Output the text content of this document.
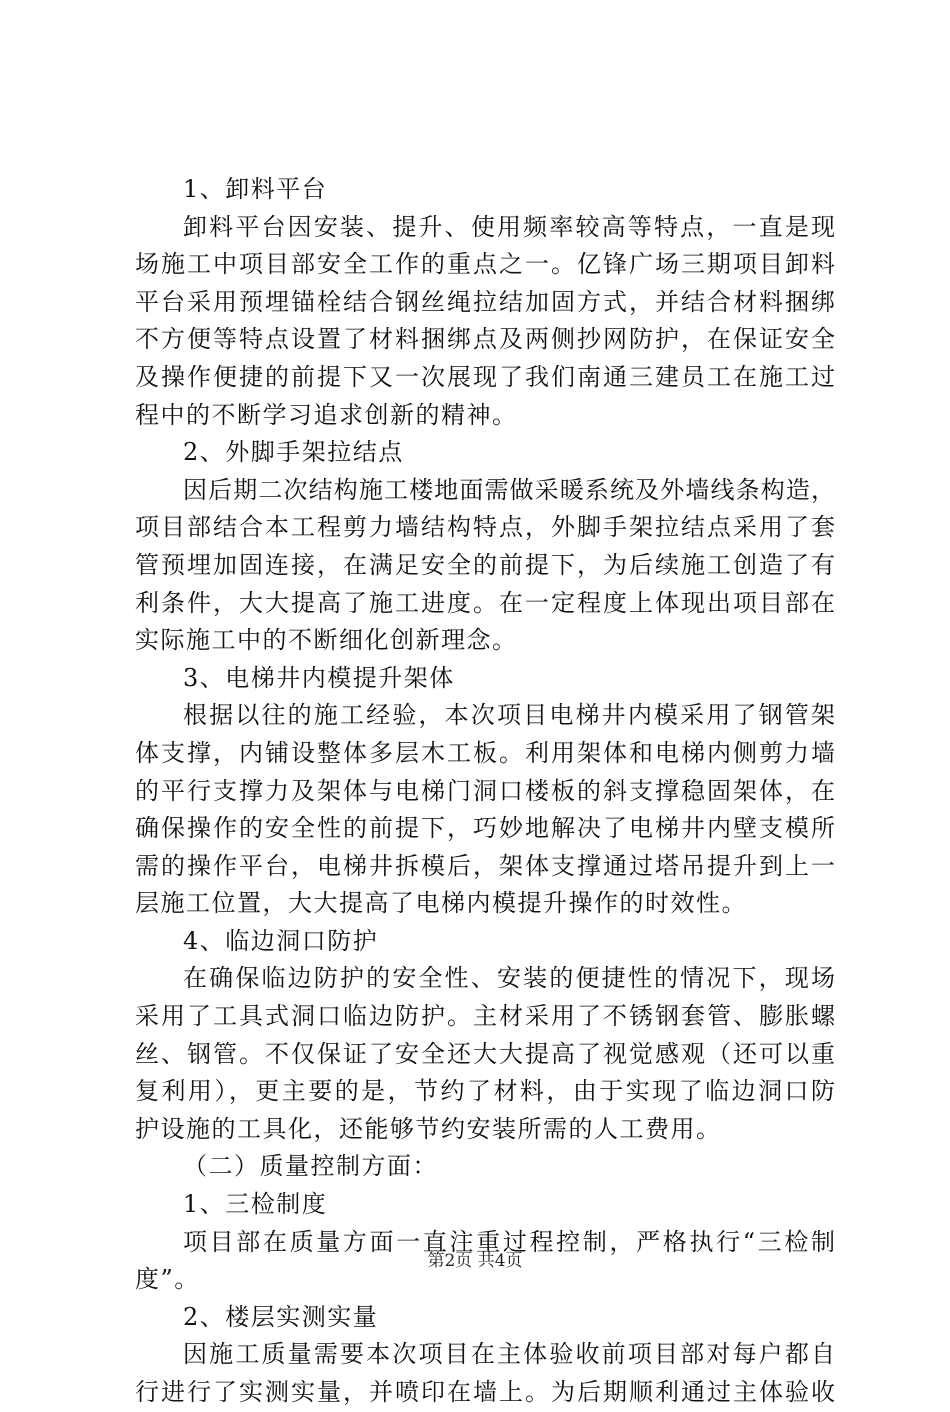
1、卸料平台
卸料平台因安装、提升、使用频率较高等特点，一直是现
场施工中项目部安全工作的重点之一。亿锋广场三期项目卸料
平台采用预埋锚栓结合钢丝绳拉结加固方式，并结合材料捆绑
不方便等特点设置了材料捆绑点及两侧抄网防护，在保证安全
及操作便捷的前提下又一次展现了我们南通三建员工在施工过
程中的不断学习追求创新的精神。
2、外脚手架拉结点
因后期二次结构施工楼地面需做采暖系统及外墙线条构造，
项目部结合本工程剪力墙结构特点，外脚手架拉结点采用了套
管预埋加固连接，在满足安全的前提下，为后续施工创造了有
利条件，大大提高了施工进度。在一定程度上体现出项目部在
实际施工中的不断细化创新理念。
3、电梯井内模提升架体
根据以往的施工经验，本次项目电梯井内模采用了钢管架
体支撑，内铺设整体多层木工板。利用架体和电梯内侧剪力墙
的平行支撑力及架体与电梯门洞口楼板的斜支撑稳固架体，在
确保操作的安全性的前提下，巧妙地解决了电梯井内壁支模所
需的操作平台，电梯井拆模后，架体支撑通过塔吊提升到上一
层施工位置，大大提高了电梯内模提升操作的时效性。
4、临边洞口防护
在确保临边防护的安全性、安装的便捷性的情况下，现场
采用了工具式洞口临边防护。主材采用了不锈钢套管、膨胀螺
丝、钢管。不仅保证了安全还大大提高了视觉感观（还可以重
复利用），更主要的是，节约了材料，由于实现了临边洞口防
护设施的工具化，还能够节约安装所需的人工费用。
（二）质量控制方面：
1、三检制度
项目部在质量方面一直注重过程控制，严格执行“三检制
度”。
2、楼层实测实量
因施工质量需要本次项目在主体验收前项目部对每户都自
行进行了实测实量，并喷印在墙上。为后期顺利通过主体验收
第2页 共4页
